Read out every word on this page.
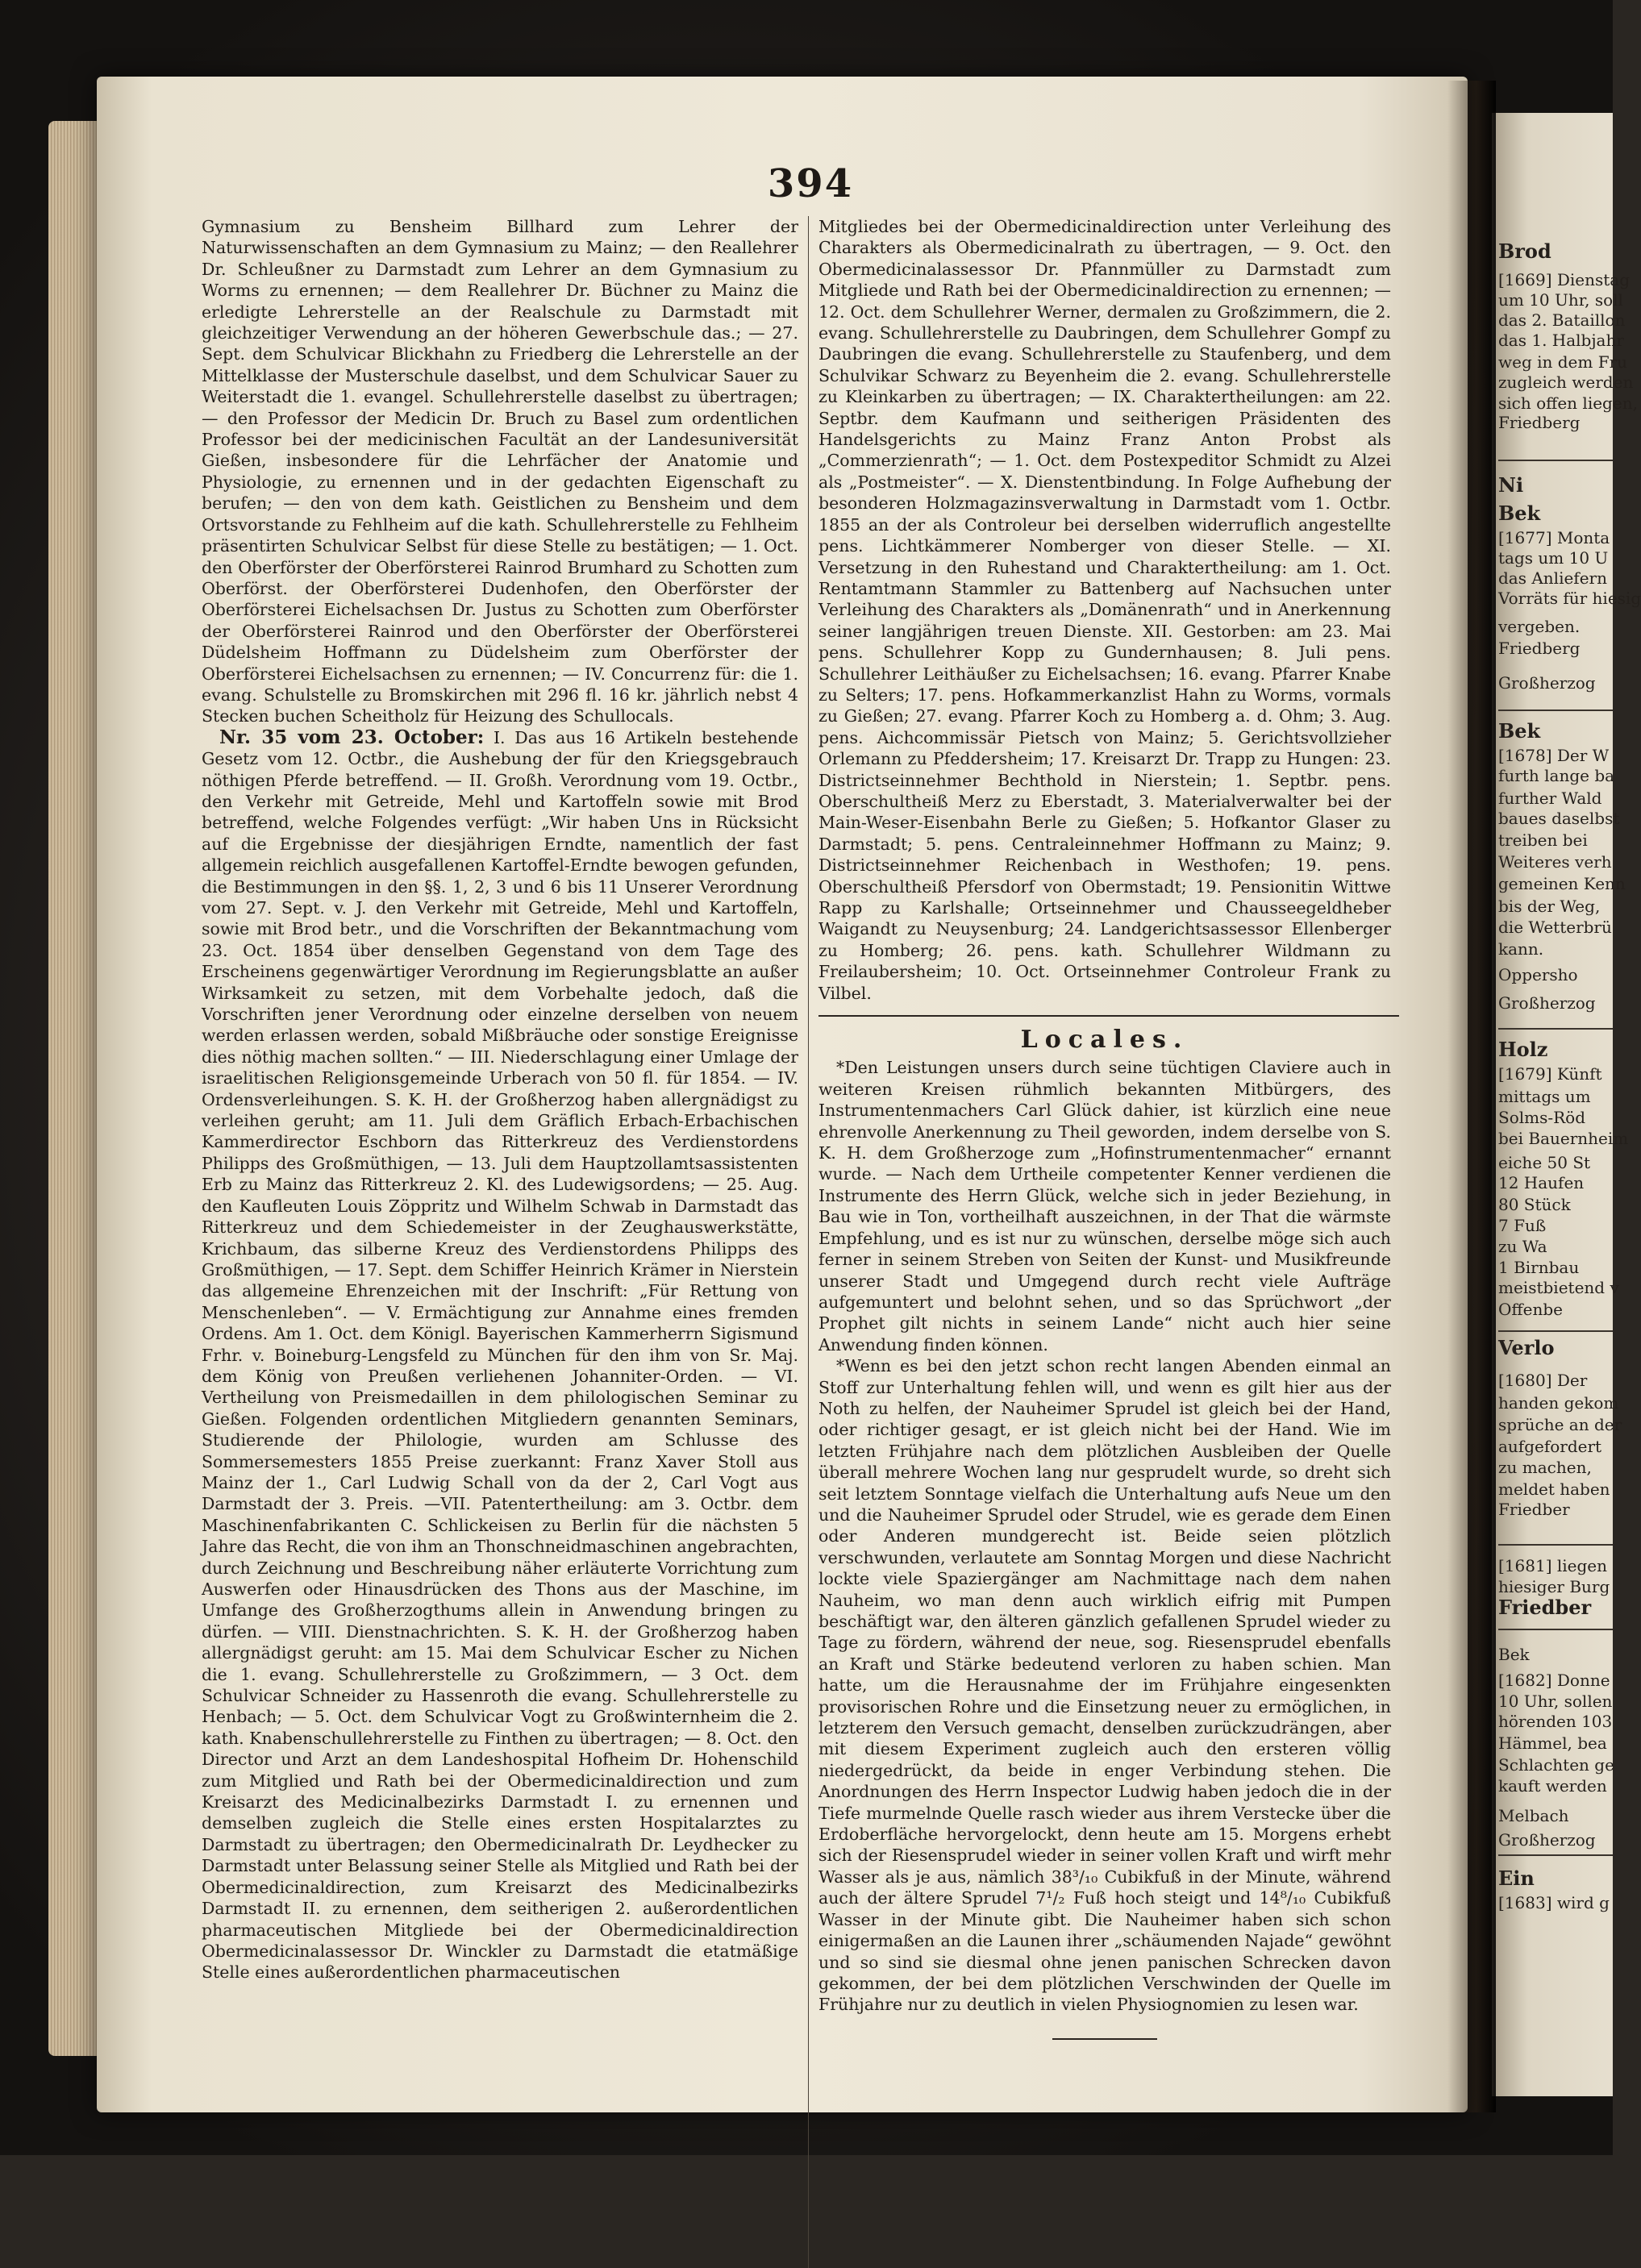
394

Gymnasium zu Bensheim Billhard zum Lehrer der Naturwissenschaften an dem Gymnasium zu Mainz; — den Reallehrer Dr. Schleußner zu Darmstadt zum Lehrer an dem Gymnasium zu Worms zu ernennen; — dem Reallehrer Dr. Büchner zu Mainz die erledigte Lehrerstelle an der Realschule zu Darmstadt mit gleichzeitiger Verwendung an der höheren Gewerbschule das.; — 27. Sept. dem Schulvicar Blickhahn zu Friedberg die Lehrerstelle an der Mittelklasse der Musterschule daselbst, und dem Schulvicar Sauer zu Weiterstadt die 1. evangel. Schullehrerstelle daselbst zu übertragen; — den Professor der Medicin Dr. Bruch zu Basel zum ordentlichen Professor bei der medicinischen Facultät an der Landesuniversität Gießen, insbesondere für die Lehrfächer der Anatomie und Physiologie, zu ernennen und in der gedachten Eigenschaft zu berufen; — den von dem kath. Geistlichen zu Bensheim und dem Ortsvorstande zu Fehlheim auf die kath. Schullehrerstelle zu Fehlheim präsentirten Schulvicar Selbst für diese Stelle zu bestätigen; — 1. Oct. den Oberförster der Oberförsterei Rainrod Brumhard zu Schotten zum Oberförst. der Oberförsterei Dudenhofen, den Oberförster der Oberförsterei Eichelsachsen Dr. Justus zu Schotten zum Oberförster der Oberförsterei Rainrod und den Oberförster der Oberförsterei Düdelsheim Hoffmann zu Düdelsheim zum Oberförster der Oberförsterei Eichelsachsen zu ernennen; — IV. Concurrenz für: die 1. evang. Schulstelle zu Bromskirchen mit 296 fl. 16 kr. jährlich nebst 4 Stecken buchen Scheitholz für Heizung des Schullocals.

Nr. 35 vom 23. October: I. Das aus 16 Artikeln bestehende Gesetz vom 12. Octbr., die Aushebung der für den Kriegsgebrauch nöthigen Pferde betreffend. — II. Großh. Verordnung vom 19. Octbr., den Verkehr mit Getreide, Mehl und Kartoffeln sowie mit Brod betreffend, welche Folgendes verfügt: „Wir haben Uns in Rücksicht auf die Ergebnisse der diesjährigen Erndte, namentlich der fast allgemein reichlich ausgefallenen Kartoffel-Erndte bewogen gefunden, die Bestimmungen in den §§. 1, 2, 3 und 6 bis 11 Unserer Verordnung vom 27. Sept. v. J. den Verkehr mit Getreide, Mehl und Kartoffeln, sowie mit Brod betr., und die Vorschriften der Bekanntmachung vom 23. Oct. 1854 über denselben Gegenstand von dem Tage des Erscheinens gegenwärtiger Verordnung im Regierungsblatte an außer Wirksamkeit zu setzen, mit dem Vorbehalte jedoch, daß die Vorschriften jener Verordnung oder einzelne derselben von neuem werden erlassen werden, sobald Mißbräuche oder sonstige Ereignisse dies nöthig machen sollten.“ — III. Niederschlagung einer Umlage der israelitischen Religionsgemeinde Urberach von 50 fl. für 1854. — IV. Ordensverleihungen. S. K. H. der Großherzog haben allergnädigst zu verleihen geruht; am 11. Juli dem Gräflich Erbach-Erbachischen Kammerdirector Eschborn das Ritterkreuz des Verdienstordens Philipps des Großmüthigen, — 13. Juli dem Hauptzollamtsassistenten Erb zu Mainz das Ritterkreuz 2. Kl. des Ludewigsordens; — 25. Aug. den Kaufleuten Louis Zöppritz und Wilhelm Schwab in Darmstadt das Ritterkreuz und dem Schiedemeister in der Zeughauswerkstätte, Krichbaum, das silberne Kreuz des Verdienstordens Philipps des Großmüthigen, — 17. Sept. dem Schiffer Heinrich Krämer in Nierstein das allgemeine Ehrenzeichen mit der Inschrift: „Für Rettung von Menschenleben“. — V. Ermächtigung zur Annahme eines fremden Ordens. Am 1. Oct. dem Königl. Bayerischen Kammerherrn Sigismund Frhr. v. Boineburg-Lengsfeld zu München für den ihm von Sr. Maj. dem König von Preußen verliehenen Johanniter-Orden. — VI. Vertheilung von Preismedaillen in dem philologischen Seminar zu Gießen. Folgenden ordentlichen Mitgliedern genannten Seminars, Studierende der Philologie, wurden am Schlusse des Sommersemesters 1855 Preise zuerkannt: Franz Xaver Stoll aus Mainz der 1., Carl Ludwig Schall von da der 2, Carl Vogt aus Darmstadt der 3. Preis. —VII. Patentertheilung: am 3. Octbr. dem Maschinenfabrikanten C. Schlickeisen zu Berlin für die nächsten 5 Jahre das Recht, die von ihm an Thonschneidmaschinen angebrachten, durch Zeichnung und Beschreibung näher erläuterte Vorrichtung zum Auswerfen oder Hinausdrücken des Thons aus der Maschine, im Umfange des Großherzogthums allein in Anwendung bringen zu dürfen. — VIII. Dienstnachrichten. S. K. H. der Großherzog haben allergnädigst geruht: am 15. Mai dem Schulvicar Escher zu Nichen die 1. evang. Schullehrerstelle zu Großzimmern, — 3 Oct. dem Schulvicar Schneider zu Hassenroth die evang. Schullehrerstelle zu Henbach; — 5. Oct. dem Schulvicar Vogt zu Großwinternheim die 2. kath. Knabenschullehrerstelle zu Finthen zu übertragen; — 8. Oct. den Director und Arzt an dem Landeshospital Hofheim Dr. Hohenschild zum Mitglied und Rath bei der Obermedicinaldirection und zum Kreisarzt des Medicinalbezirks Darmstadt I. zu ernennen und demselben zugleich die Stelle eines ersten Hospitalarztes zu Darmstadt zu übertragen; den Obermedicinalrath Dr. Leydhecker zu Darmstadt unter Belassung seiner Stelle als Mitglied und Rath bei der Obermedicinaldirection, zum Kreisarzt des Medicinalbezirks Darmstadt II. zu ernennen, dem seitherigen 2. außerordentlichen pharmaceutischen Mitgliede bei der Obermedicinaldirection Obermedicinalassessor Dr. Winckler zu Darmstadt die etatmäßige Stelle eines außerordentlichen pharmaceutischen

Mitgliedes bei der Obermedicinaldirection unter Verleihung des Charakters als Obermedicinalrath zu übertragen, — 9. Oct. den Obermedicinalassessor Dr. Pfannmüller zu Darmstadt zum Mitgliede und Rath bei der Obermedicinaldirection zu ernennen; — 12. Oct. dem Schullehrer Werner, dermalen zu Großzimmern, die 2. evang. Schullehrerstelle zu Daubringen, dem Schullehrer Gompf zu Daubringen die evang. Schullehrerstelle zu Staufenberg, und dem Schulvikar Schwarz zu Beyenheim die 2. evang. Schullehrerstelle zu Kleinkarben zu übertragen; — IX. Charaktertheilungen: am 22. Septbr. dem Kaufmann und seitherigen Präsidenten des Handelsgerichts zu Mainz Franz Anton Probst als „Commerzienrath“; — 1. Oct. dem Postexpeditor Schmidt zu Alzei als „Postmeister“. — X. Dienstentbindung. In Folge Aufhebung der besonderen Holzmagazinsverwaltung in Darmstadt vom 1. Octbr. 1855 an der als Controleur bei derselben widerruflich angestellte pens. Lichtkämmerer Nomberger von dieser Stelle. — XI. Versetzung in den Ruhestand und Charaktertheilung: am 1. Oct. Rentamtmann Stammler zu Battenberg auf Nachsuchen unter Verleihung des Charakters als „Domänenrath“ und in Anerkennung seiner langjährigen treuen Dienste. XII. Gestorben: am 23. Mai pens. Schullehrer Kopp zu Gundernhausen; 8. Juli pens. Schullehrer Leithäußer zu Eichelsachsen; 16. evang. Pfarrer Knabe zu Selters; 17. pens. Hofkammerkanzlist Hahn zu Worms, vormals zu Gießen; 27. evang. Pfarrer Koch zu Homberg a. d. Ohm; 3. Aug. pens. Aichcommissär Pietsch von Mainz; 5. Gerichtsvollzieher Orlemann zu Pfeddersheim; 17. Kreisarzt Dr. Trapp zu Hungen: 23. Districtseinnehmer Bechthold in Nierstein; 1. Septbr. pens. Oberschultheiß Merz zu Eberstadt, 3. Materialverwalter bei der Main-Weser-Eisenbahn Berle zu Gießen; 5. Hofkantor Glaser zu Darmstadt; 5. pens. Centraleinnehmer Hoffmann zu Mainz; 9. Districtseinnehmer Reichenbach in Westhofen; 19. pens. Oberschultheiß Pfersdorf von Obermstadt; 19. Pensionitin Wittwe Rapp zu Karlshalle; Ortseinnehmer und Chausseegeldheber Waigandt zu Neuysenburg; 24. Landgerichtsassessor Ellenberger zu Homberg; 26. pens. kath. Schullehrer Wildmann zu Freilaubersheim; 10. Oct. Ortseinnehmer Controleur Frank zu Vilbel.

Locales.

*Den Leistungen unsers durch seine tüchtigen Claviere auch in weiteren Kreisen rühmlich bekannten Mitbürgers, des Instrumentenmachers Carl Glück dahier, ist kürzlich eine neue ehrenvolle Anerkennung zu Theil geworden, indem derselbe von S. K. H. dem Großherzoge zum „Hofinstrumentenmacher“ ernannt wurde. — Nach dem Urtheile competenter Kenner verdienen die Instrumente des Herrn Glück, welche sich in jeder Beziehung, in Bau wie in Ton, vortheilhaft auszeichnen, in der That die wärmste Empfehlung, und es ist nur zu wünschen, derselbe möge sich auch ferner in seinem Streben von Seiten der Kunst- und Musikfreunde unserer Stadt und Umgegend durch recht viele Aufträge aufgemuntert und belohnt sehen, und so das Sprüchwort „der Prophet gilt nichts in seinem Lande“ nicht auch hier seine Anwendung finden können.

*Wenn es bei den jetzt schon recht langen Abenden einmal an Stoff zur Unterhaltung fehlen will, und wenn es gilt hier aus der Noth zu helfen, der Nauheimer Sprudel ist gleich bei der Hand, oder richtiger gesagt, er ist gleich nicht bei der Hand. Wie im letzten Frühjahre nach dem plötzlichen Ausbleiben der Quelle überall mehrere Wochen lang nur gesprudelt wurde, so dreht sich seit letztem Sonntage vielfach die Unterhaltung aufs Neue um den und die Nauheimer Sprudel oder Strudel, wie es gerade dem Einen oder Anderen mundgerecht ist. Beide seien plötzlich verschwunden, verlautete am Sonntag Morgen und diese Nachricht lockte viele Spaziergänger am Nachmittage nach dem nahen Nauheim, wo man denn auch wirklich eifrig mit Pumpen beschäftigt war, den älteren gänzlich gefallenen Sprudel wieder zu Tage zu fördern, während der neue, sog. Riesensprudel ebenfalls an Kraft und Stärke bedeutend verloren zu haben schien. Man hatte, um die Herausnahme der im Frühjahre eingesenkten provisorischen Rohre und die Einsetzung neuer zu ermöglichen, in letzterem den Versuch gemacht, denselben zurückzudrängen, aber mit diesem Experiment zugleich auch den ersteren völlig niedergedrückt, da beide in enger Verbindung stehen. Die Anordnungen des Herrn Inspector Ludwig haben jedoch die in der Tiefe murmelnde Quelle rasch wieder aus ihrem Verstecke über die Erdoberfläche hervorgelockt, denn heute am 15. Morgens erhebt sich der Riesensprudel wieder in seiner vollen Kraft und wirft mehr Wasser als je aus, nämlich 38³/₁₀ Cubikfuß in der Minute, während auch der ältere Sprudel 7¹/₂ Fuß hoch steigt und 14⁸/₁₀ Cubikfuß Wasser in der Minute gibt. Die Nauheimer haben sich schon einigermaßen an die Launen ihrer „schäumenden Najade“ gewöhnt und so sind sie diesmal ohne jenen panischen Schrecken davon gekommen, der bei dem plötzlichen Verschwinden der Quelle im Frühjahre nur zu deutlich in vielen Physiognomien zu lesen war.

Brod
[1669] Dienstag
um 10 Uhr, soll
das 2. Bataillon
das 1. Halbjahr
weg in dem Fru
zugleich werden
sich offen liegen,
Friedberg
Ni
Bek
[1677] Monta
tags um 10 U
das Anliefern
Vorräts für hiesig
vergeben.
Friedberg
Großherzog
Bek
[1678] Der W
furth lange ba
further Wald
baues daselbst
treiben bei
Weiteres verh
gemeinen Kenn
bis der Weg,
die Wetterbrü
kann.
Oppersho
Großherzog
Holz
[1679] Künft
mittags um
Solms-Röd
bei Bauernheim
eiche 50 St
12 Haufen
80 Stück
7 Fuß
zu Wa
1 Birnbau
meistbietend v
Offenbe
Verlo
[1680] Der
handen gekom
sprüche an der
aufgefordert
zu machen,
meldet haben
Friedber
[1681] liegen
hiesiger Burg
Friedber
Bek
[1682] Donne
10 Uhr, sollen
hörenden 103
Hämmel, bea
Schlachten ge
kauft werden
Melbach
Großherzog
Ein
[1683] wird g
